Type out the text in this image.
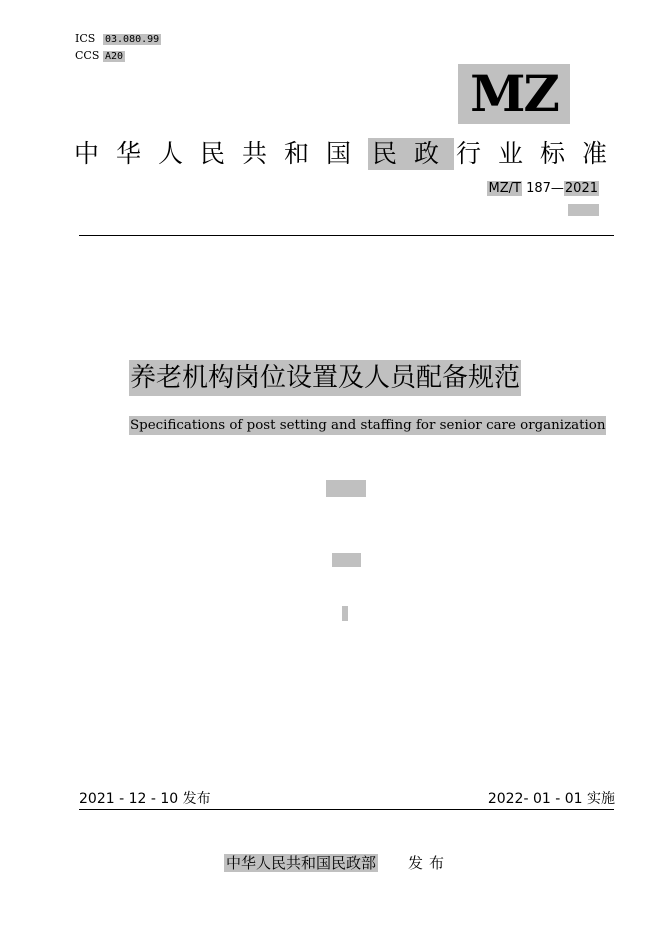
ICS 03.080.99
CCS A20
MZ
中 华 人 民 共 和 国 民 政 行 业 标 准
MZ/T 187—2021
养老机构岗位设置及人员配备规范
Specifications of post setting and staffing for senior care organization
2021 - 12 - 10 发布	2022- 01 - 01 实施
中华人民共和国民政部 发布
